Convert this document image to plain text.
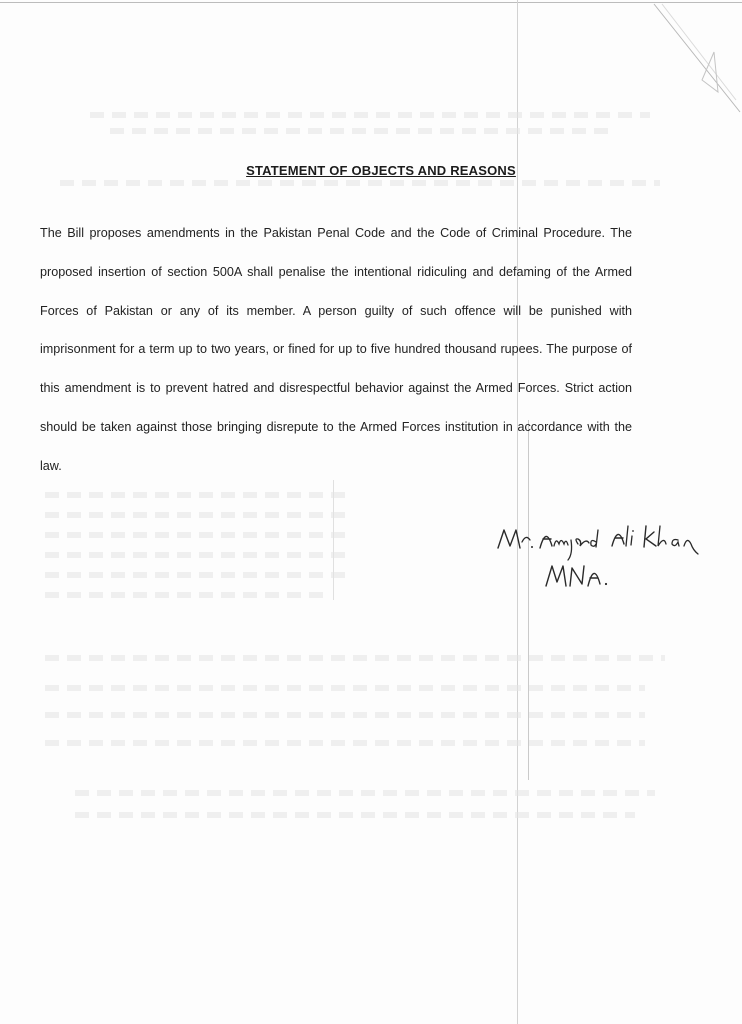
STATEMENT OF OBJECTS AND REASONS

The Bill proposes amendments in the Pakistan Penal Code and the Code of Criminal Procedure. The proposed insertion of section 500A shall penalise the intentional ridiculing and defaming of the Armed Forces of Pakistan or any of its member. A person guilty of such offence will be punished with imprisonment for a term up to two years, or fined for up to five hundred thousand rupees. The purpose of this amendment is to prevent hatred and disrespectful behavior against the Armed Forces. Strict action should be taken against those bringing disrepute to the Armed Forces institution in accordance with the law.
